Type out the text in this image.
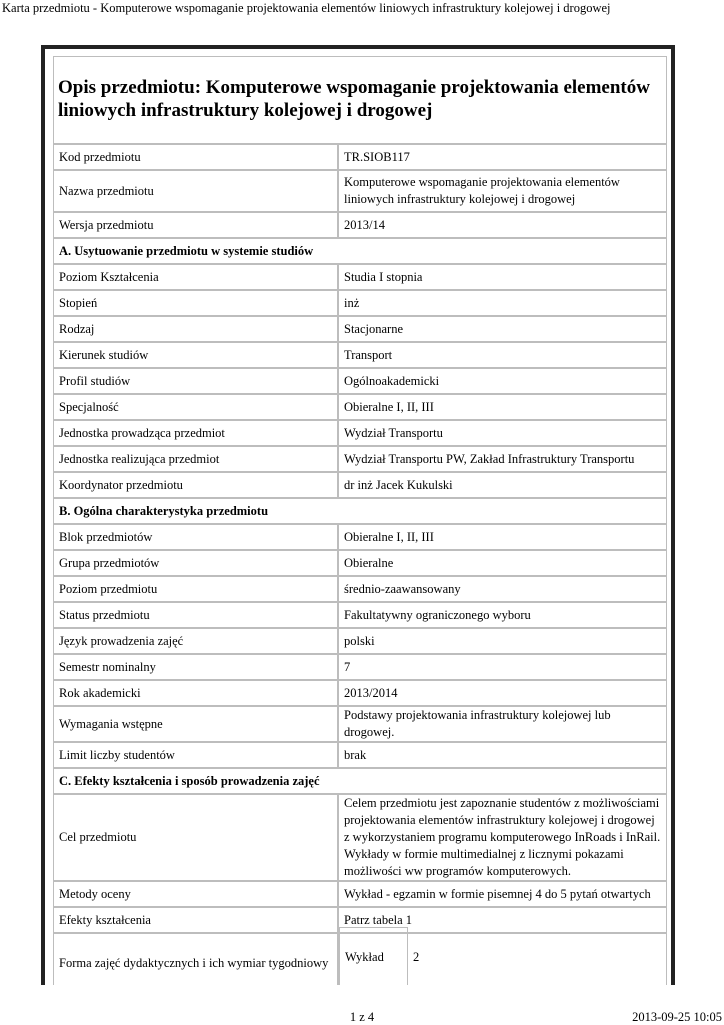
Karta przedmiotu - Komputerowe wspomaganie projektowania elementów liniowych infrastruktury kolejowej i drogowej
Opis przedmiotu: Komputerowe wspomaganie projektowania elementów liniowych infrastruktury kolejowej i drogowej
Kod przedmiotu	TR.SIOB117
Nazwa przedmiotu	Komputerowe wspomaganie projektowania elementów liniowych infrastruktury kolejowej i drogowej
Wersja przedmiotu	2013/14
A. Usytuowanie przedmiotu w systemie studiów
Poziom Kształcenia	Studia I stopnia
Stopień	inż
Rodzaj	Stacjonarne
Kierunek studiów	Transport
Profil studiów	Ogólnoakademicki
Specjalność	Obieralne I, II, III
Jednostka prowadząca przedmiot	Wydział Transportu
Jednostka realizująca przedmiot	Wydział Transportu PW, Zakład Infrastruktury Transportu
Koordynator przedmiotu	dr inż Jacek Kukulski
B. Ogólna charakterystyka przedmiotu
Blok przedmiotów	Obieralne I, II, III
Grupa przedmiotów	Obieralne
Poziom przedmiotu	średnio-zaawansowany
Status przedmiotu	Fakultatywny ograniczonego wyboru
Język prowadzenia zajęć	polski
Semestr nominalny	7
Rok akademicki	2013/2014
Wymagania wstępne	Podstawy projektowania infrastruktury kolejowej lub drogowej.
Limit liczby studentów	brak
C. Efekty kształcenia i sposób prowadzenia zajęć
Cel przedmiotu	Celem przedmiotu jest zapoznanie studentów z możliwościami projektowania elementów infrastruktury kolejowej i drogowej z wykorzystaniem programu komputerowego InRoads i InRail. Wykłady w formie multimedialnej z licznymi pokazami możliwości ww programów komputerowych.
Metody oceny	Wykład - egzamin w formie pisemnej 4 do 5 pytań otwartych
Efekty kształcenia	Patrz tabela 1
Forma zajęć dydaktycznych i ich wymiar tygodniowy	Wykład	2
1 z 4	2013-09-25 10:05
